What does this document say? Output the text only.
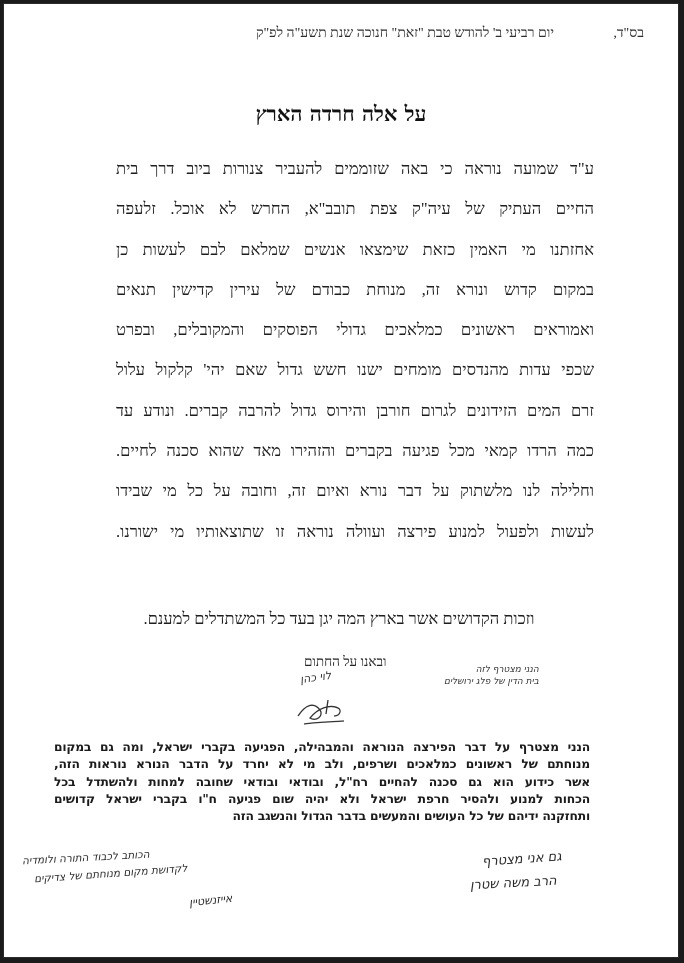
בס"ד,
יום רביעי ב' להודש טבת "זאת" חנוכה שנת תשע"ה לפ"ק
על אלה חרדה הארץ
ע"ד שמועה נוראה כי באה שזוממים להעביר צנורות ביוב דרך בית
החיים העתיק של עיה"ק צפת תובב"א, החרש לא אוכל. זלעפה
אחזתנו מי האמין כזאת שימצאו אנשים שמלאם לבם לעשות כן
במקום קדוש ונורא זה, מנוחת כבודם של עירין קדישין תנאים
ואמוראים ראשונים כמלאכים גדולי הפוסקים והמקובלים, ובפרט
שכפי עדות מהנדסים מומחים ישנו חשש גדול שאם יהי' קלקול עלול
זרם המים הזידונים לגרום חורבן והירוס גדול להרבה קברים. ונודע עד
כמה הרדו קמאי מכל פגיעה בקברים והזהירו מאד שהוא סכנה לחיים.
וחלילה לנו מלשתוק על דבר נורא ואיום זה, וחובה על כל מי שבידו
לעשות ולפעול למנוע פירצה ועוולה נוראה זו שתוצאותיו מי ישורנו.
וזכות הקדושים אשר בארץ המה יגן בעד כל המשתדלים למענם.
ובאנו על החתום
הנני מצטרף לזה
בית הדין של פלג ירושלים
לוי כהן
הנני מצטרף על דבר הפירצה הנוראה והמבהילה, הפגיעה בקברי ישראל, ומה גם במקום
מנוחתם של ראשונים כמלאכים ושרפים, ולב מי לא יחרד על הדבר הנורא נוראות הזה,
אשר כידוע הוא גם סכנה להחיים רח"ל, ובודאי ובודאי שחובה למחות ולהשתדל בכל
הכחות למנוע ולהסיר חרפת ישראל ולא יהיה שום פגיעה ח"ו בקברי ישראל קדושים
ותחזקנה ידיהם של כל העושים והמעשים בדבר הגדול והנשגב הזה
הכותב לכבוד התורה ולומדיה
לקדושת מקום מנוחתם של צדיקים
אייזנשטיין
גם אני מצטרף
הרב משה שטרן
